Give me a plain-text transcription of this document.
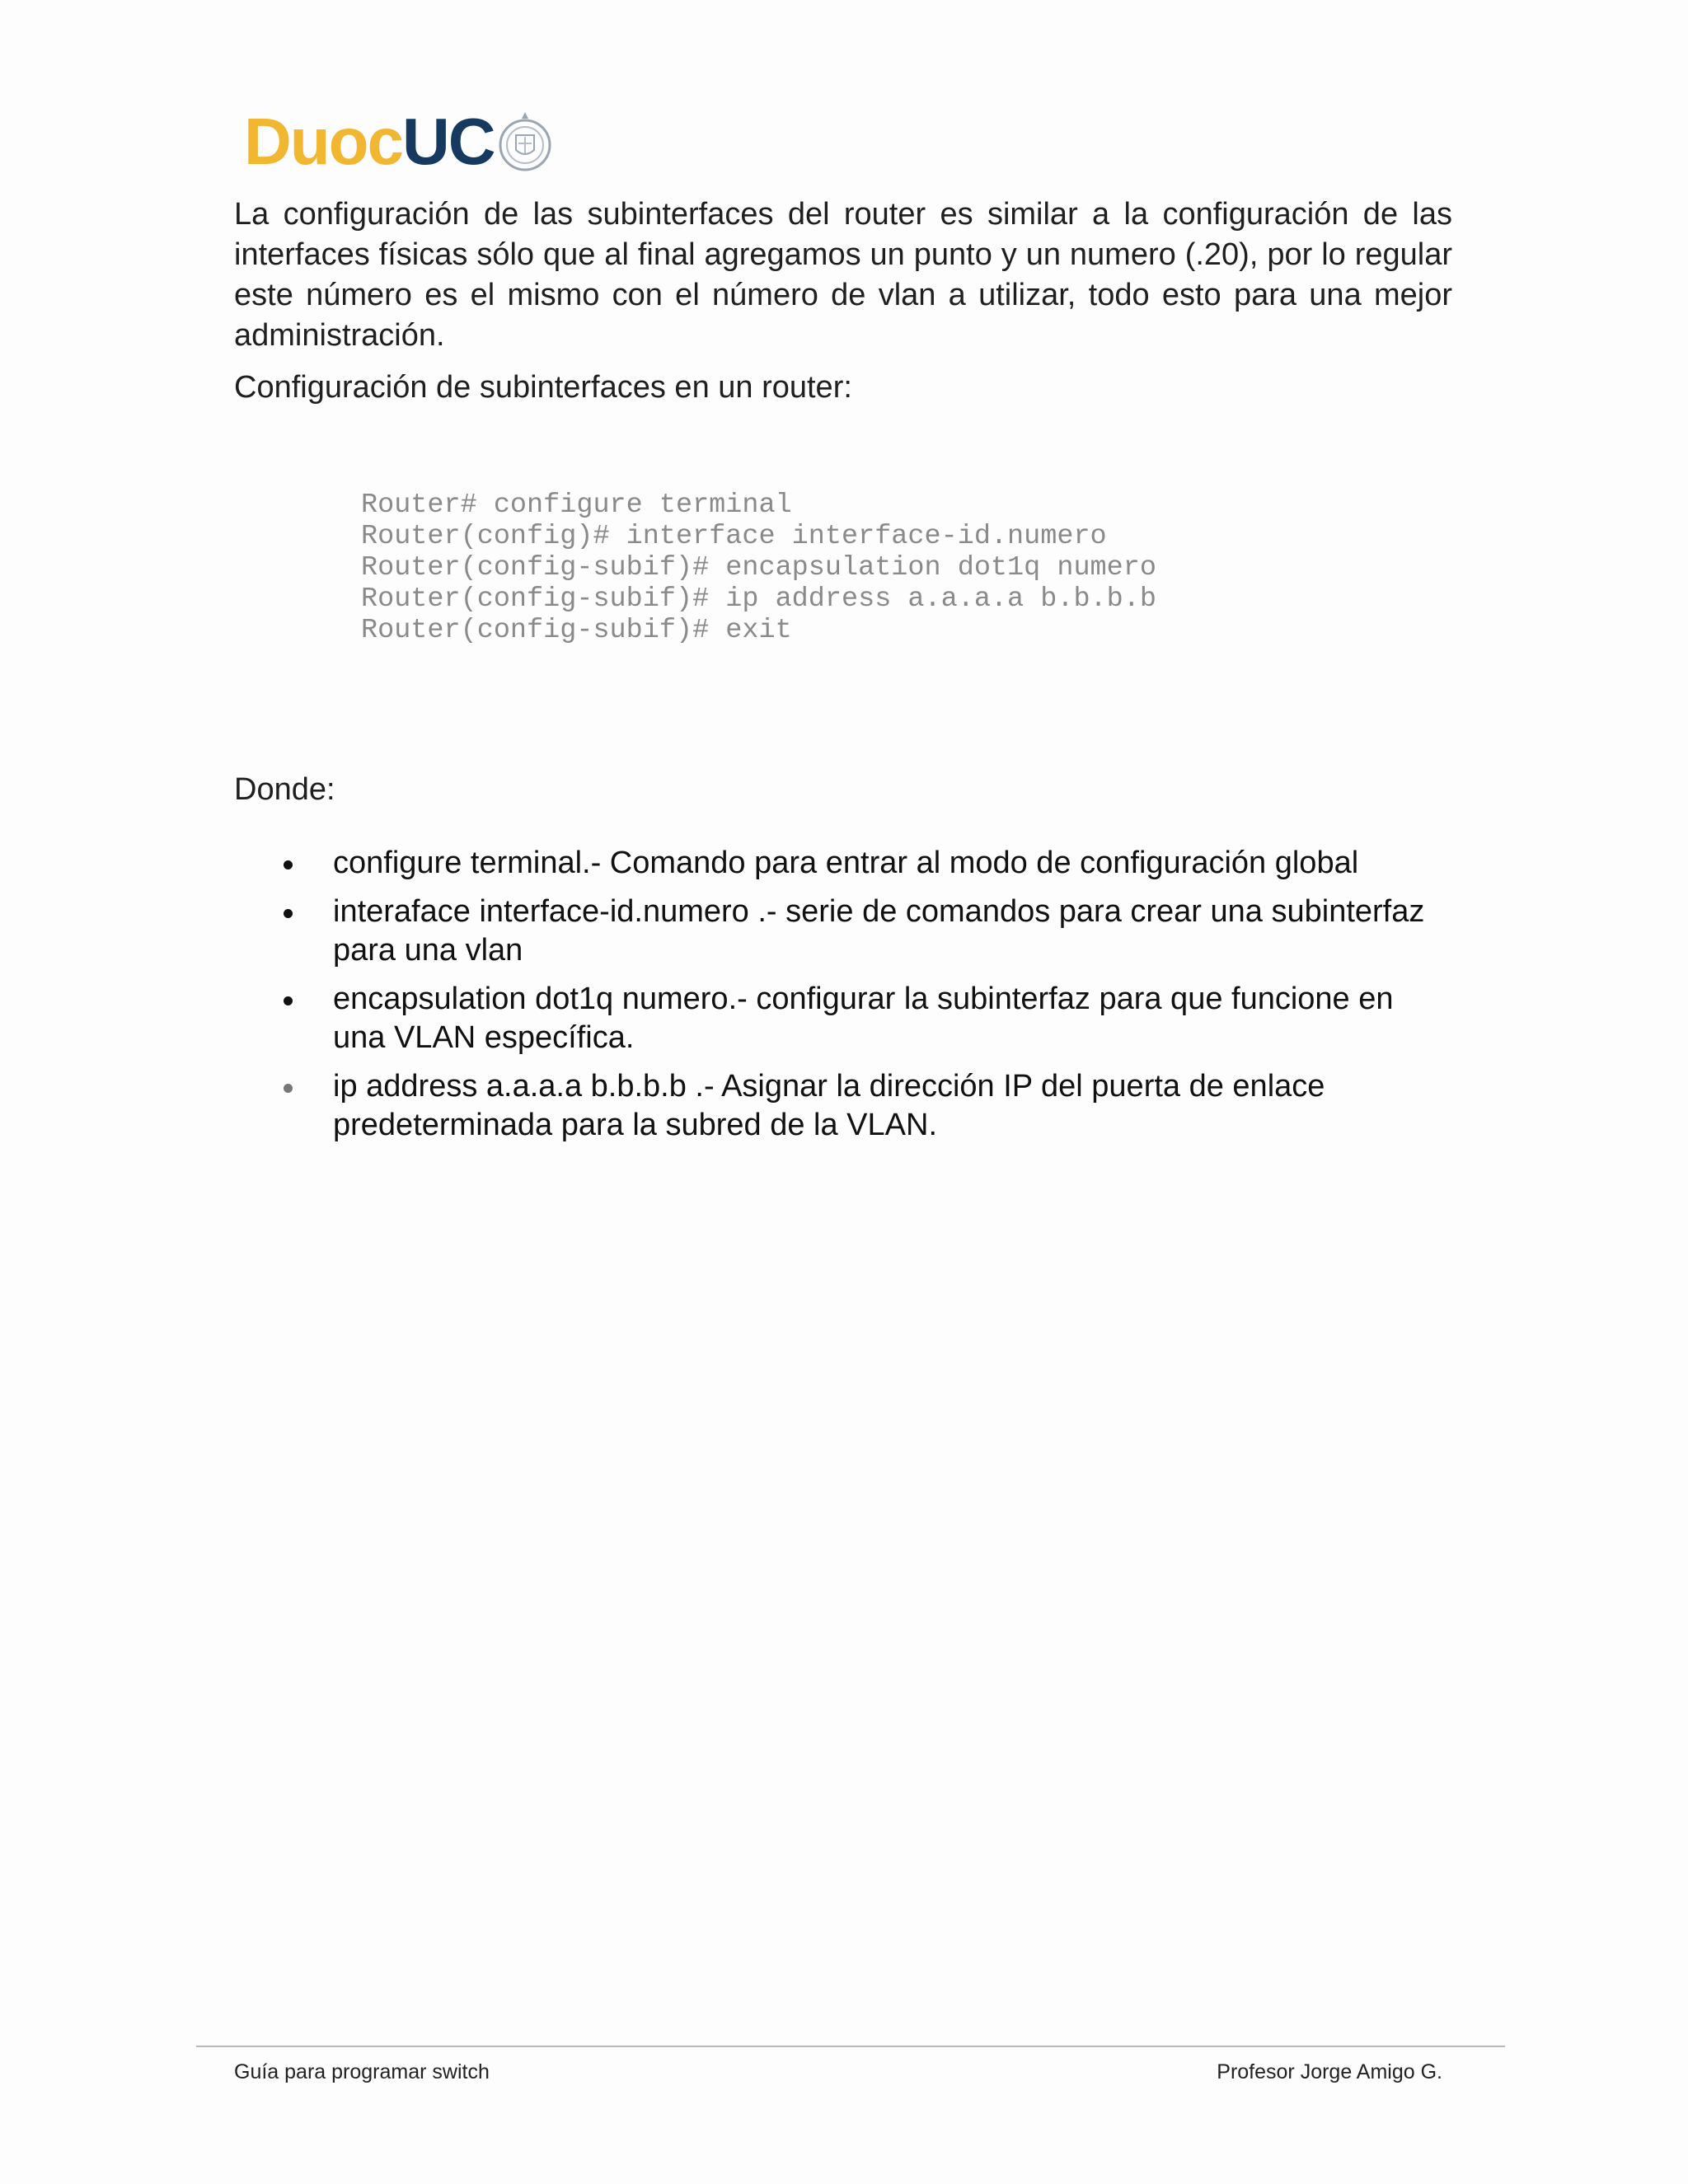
Duoc UC

La configuración de las subinterfaces del router es similar a la configuración de las interfaces físicas sólo que al final agregamos un punto y un numero (.20), por lo regular este número es el mismo con el número de vlan a utilizar, todo esto para una mejor administración.

Configuración de subinterfaces en un router:

Router# configure terminal
Router(config)# interface interface-id.numero
Router(config-subif)# encapsulation dot1q numero
Router(config-subif)# ip address a.a.a.a b.b.b.b
Router(config-subif)# exit

Donde:

configure terminal.- Comando para entrar al modo de configuración global
interaface interface-id.numero .- serie de comandos para crear una subinterfaz para una vlan
encapsulation dot1q numero.- configurar la subinterfaz para que funcione en una VLAN específica.
ip address a.a.a.a b.b.b.b .- Asignar la dirección IP del puerta de enlace predeterminada para la subred de la VLAN.
Guía para programar switch	Profesor Jorge Amigo G.
